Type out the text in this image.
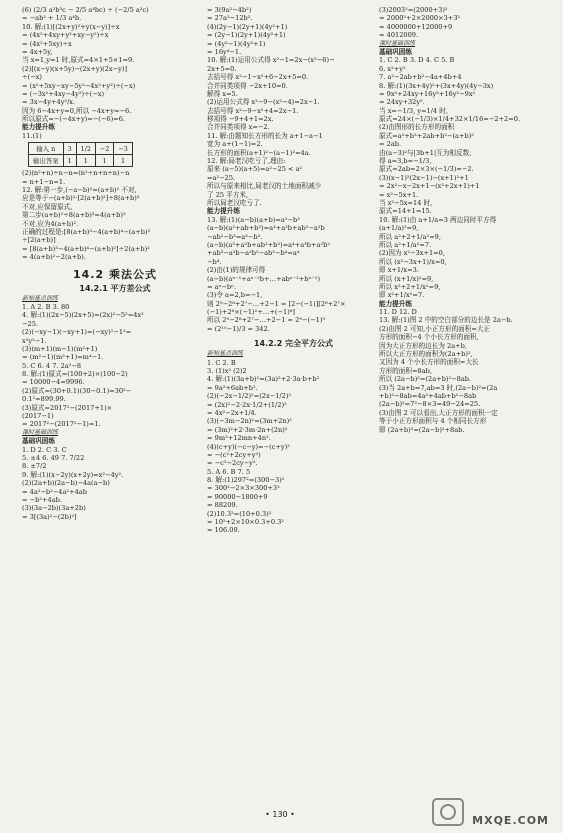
(6) (2/3 a²b³c − 2/5 a⁴bc) ÷ (−2/5 a²c)
= −ab² + 1/3 a⁴b.
10. 解:(1)[(2x+y)²+y(x−y)]÷x
= (4x²+4xy+y²+xy−y²)÷x
= (4x²+5xy)÷x
= 4x+5y,
当 x=1,y=1 时,原式=4×1+5×1=9.
(2)[(x−y)(x+5y)−(2x+y)(2x−y)]
÷(−x)
= (x²+5xy−xy−5y²−4x²+y²)÷(−x)
= (−3x²+4xy−4y²)÷(−x)
= 3x−4y+4y²/x.
因为 6−4x+y=0,所以 −4x+y=−6.
所以原式=−(−4x+y)=−(−6)=6.
能力提升练
11.(1)
输入 n	3	1/2	−2	−3
输出答案	1	1	1	1
(2)(n²+n)÷n−n=(n²÷n+n÷n)−n
= n+1−n=1.
12. 解:第一步,(−a−b)²=(a+b)² 不对,
应是等于−(a+b)²·[2(a+b)²]÷8(a+b)³
不对,应保留原式,
第二步(a+b)²÷8(a+b)³=4(a+b)³
不对,应为4(a+b)².
正确的过程是:[8(a+b)³−4(a+b)⁴−(a+b)²
÷[2(a+b)]
= [8(a+b)³−4(a+b)⁴−(a+b)²]÷2(a+b)²
= 4(a+b)²−2(a+b).
14.2 乘法公式
14.2.1 平方差公式
新知基点训练
1. A 2. B 3. 80
4. 解:(1)(2x−5)(2x+5)=(2x)²−5²=4x²
−25.
(2)(−xy−1)(−xy+1)=(−xy)²−1²=
x²y²−1.
(3)(m+1)(m−1)(m²+1)
= (m²−1)(m²+1)=m⁴−1.
5. C 6. 4 7. 2a²−8
8. 解:(1)原式=(100+2)×(100−2)
= 10000−4=9996.
(2)原式=(30+0.1)(30−0.1)=30²−
0.1²=899.99.
(3)原式=2017²−(2017+1)×
(2017−1)
= 2017²−(2017²−1)=1.
课时基础训练
基础巩固练
1. D 2. C 3. C
5. ±4 6. 49 7. 7/22
8. ±7/2
9. 解:(1)(x−2y)(x+2y)=x²−4y².
(2)(2a+b)(2a−b)−4a(a−b)
= 4a²−b²−4a²+4ab
= −b²+4ab.
(3)(3a−2b)(3a+2b)
= 3[(3a)²−(2b)²]
= 3(9a²−4b²)
= 27a²−12b².
(4)(2y−1)(2y+1)(4y²+1)
= (2y−1)(2y+1)(4y²+1)
= (4y²−1)(4y²+1)
= 16y⁴−1.
10. 解:(1)运用公式得 x²−1=2x−(x²−6)−
2x+5=0.
去括号得 x²−1−x²+6−2x+5=0.
合并同类项得 −2x+10=0.
解得 x=5.
(2)运用公式得 x²−9−(x²−4)=2x−1.
去括号得 x²−9−x²+4=2x−1.
移项得 −9+4+1=2x.
合并同类项得 x=−2.
11. 解:由题知长方形的长为 a+1−a−1
宽为 a+(1−1)=2.
长方形的面积(a+1)²−(a−1)²=4a.
12. 解:局老汉吃亏了,理由:
原来 (a−5)(a+5)=a²−25 < a²
=a²−25.
所以与原来相比,局老汉的土地面积减少
了 25 平方米,
所以局老汉吃亏了.
能力提升练
13. 解:(1)(a−b)(a+b)=a²−b²
(a−b)(a²+ab+b²)=a³+a²b+ab²−a²b
−ab²−b³=a³−b³.
(a−b)(a³+a²b+ab²+b³)=a⁴+a³b+a²b²
+ab³−a³b−a²b²−ab³−b⁴=a⁴
−b⁴.
(2)由(1)的规律可得
(a−b)(aⁿ⁻¹+aⁿ⁻²b+…+abⁿ⁻²+bⁿ⁻¹)
= aⁿ−bⁿ.
(3)令 a=2,b=−1,
则 2⁹−2⁸+2⁷−…+2−1 = [2−(−1)][2⁸+2⁷×
(−1)+2⁶×(−1)²+…+(−1)⁸]
所以 2⁹−2⁸+2⁷−…+2−1 = 2⁹−(−1)⁹
= (2¹⁰−1)/3 = 342.
14.2.2 完全平方公式
新知基点训练
1. C 2. B
3. (1)x² (2)2
4. 解:(1)(3a+b)²=(3a)²+2·3a·b+b²
= 9a²+6ab+b².
(2)(−2x−1/2)²=(2x−1/2)²
= (2x)²−2·2x·1/2+(1/2)²
= 4x²−2x+1/4.
(3)(−3m−2n)²=(3m+2n)²
= (3m)²+2·3m·2n+(2n)²
= 9m²+12mn+4n².
(4)(c+y)(−c−y)=−(c+y)²
= −(c²+2cy+y²)
= −c²−2cy−y².
5. A 6. B 7. 5
8. 解:(1)297²=(300−3)²
= 300²−2×3×300+3²
= 90000−1800+9
= 88209.
(2)10.3²=(10+0.3)²
= 10²+2×10×0.3+0.3²
= 106.09.
(3)2003²=(2000+3)²
= 2000²+2×2000×3+3²
= 4000000+12000+9
= 4012009.
课时基础训练
基础巩固练
1. C 2. B 3. D 4. C 5. B
6. x²+y²
7. a²−2ab+b²−4a+4b+4
8. 解:(1)(3x+4y)²+(3x+4y)(4y−3x)
= 9x²+24xy+16y²+16y²−9x²
= 24xy+32y².
当 x=−1/3, y=1/4 时,
原式=24×(−1/3)×1/4+32×1/16=−2+2=0.
(2)由图形的长方形的面积
原式=a²+b²+2ab+b²−(a+b)²
= 2ab.
由(a−3)²与|3b+1|互为相反数,
得 a=3,b=−1/3,
原式=2ab=2×3×(−1/3)=−2.
(3)(x−1)²(2x−1)−(x+1)²+1
= 2x²−x−2x+1−(x²+2x+1)+1
= x²−5x+1.
当 x²−5x=14 时,
原式=14+1=15.
10. 解:(1)由 a+1/a=3 两边同时平方得
(a+1/a)²=9,
所以 a²+2+1/a²=9,
所以 a²+1/a²=7.
(2)因为 x²−3x+1=0,
所以 (x²−3x+1)/x=0,
即 x+1/x=3.
所以 (x+1/x)²=9,
所以 x²+2+1/x²=9,
即 x²+1/x²=7.
能力提升练
11. D 12. D
13. 解:(1)图 2 中的空白部分的边长是 2a−b.
(2)由图 2 可知,小正方形的面积=大正
方形的面积−4 个小长方形的面积,
因为大正方形的边长为 2a+b,
所以大正方形的面积为(2a+b)²,
又因为 4 个小长方形的面积=大长
方形的面积=8ab,
所以 (2a−b)²=(2a+b)²−8ab.
(3)当 2a+b=7,ab=3 时,(2a−b)²=(2a
+b)²−8ab=4a²+4ab+b²−8ab
(2a−b)²=7²−8×3=49−24=25.
(3)由图 2 可以看出,大正方形的面积一定
等于小正方形面积与 4 个相同长方形
即 (2a+b)²=(2a−b)²+8ab.
• 130 •	MXQE.COM
